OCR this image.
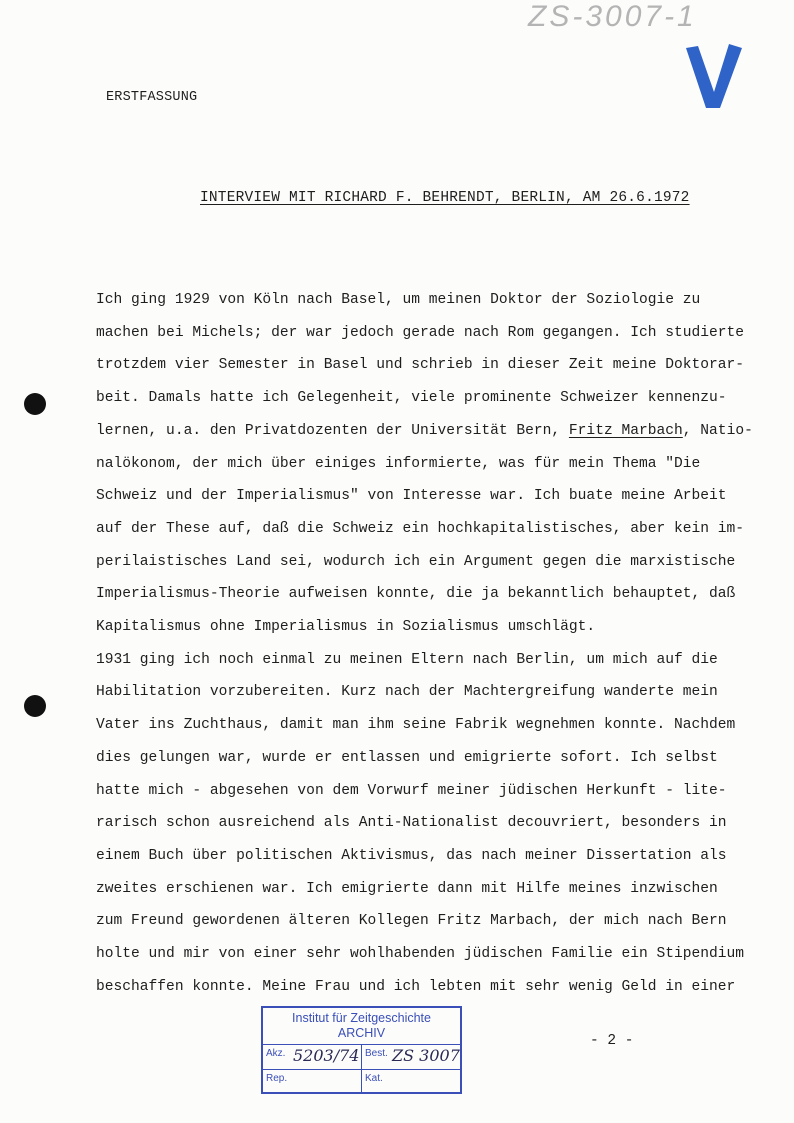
ZS-3007-1
ERSTFASSUNG
INTERVIEW MIT RICHARD F. BEHRENDT, BERLIN, AM 26.6.1972
Ich ging 1929 von Köln nach Basel, um meinen Doktor der Soziologie zu
machen bei Michels; der war jedoch gerade nach Rom gegangen. Ich studierte
trotzdem vier Semester in Basel und schrieb in dieser Zeit meine Doktorar-
beit. Damals hatte ich Gelegenheit, viele prominente Schweizer kennenzu-
lernen, u.a. den Privatdozenten der Universität Bern, Fritz Marbach, Natio-
nalökonom, der mich über einiges informierte, was für mein Thema "Die
Schweiz und der Imperialismus" von Interesse war. Ich buate meine Arbeit
auf der These auf, daß die Schweiz ein hochkapitalistisches, aber kein im-
perilaistisches Land sei, wodurch ich ein Argument gegen die marxistische
Imperialismus-Theorie aufweisen konnte, die ja bekanntlich behauptet, daß
Kapitalismus ohne Imperialismus in Sozialismus umschlägt.
1931 ging ich noch einmal zu meinen Eltern nach Berlin, um mich auf die
Habilitation vorzubereiten. Kurz nach der Machtergreifung wanderte mein
Vater ins Zuchthaus, damit man ihm seine Fabrik wegnehmen konnte. Nachdem
dies gelungen war, wurde er entlassen und emigrierte sofort. Ich selbst
hatte mich - abgesehen von dem Vorwurf meiner jüdischen Herkunft - lite-
rarisch schon ausreichend als Anti-Nationalist decouvriert, besonders in
einem Buch über politischen Aktivismus, das nach meiner Dissertation als
zweites erschienen war. Ich emigrierte dann mit Hilfe meines inzwischen
zum Freund gewordenen älteren Kollegen Fritz Marbach, der mich nach Bern
holte und mir von einer sehr wohlhabenden jüdischen Familie ein Stipendium
beschaffen konnte. Meine Frau und ich lebten mit sehr wenig Geld in einer
Institut für Zeitgeschichte
ARCHIV
Akz. 5203/74 Best. ZS 3007
Rep.	Kat.
- 2 -
